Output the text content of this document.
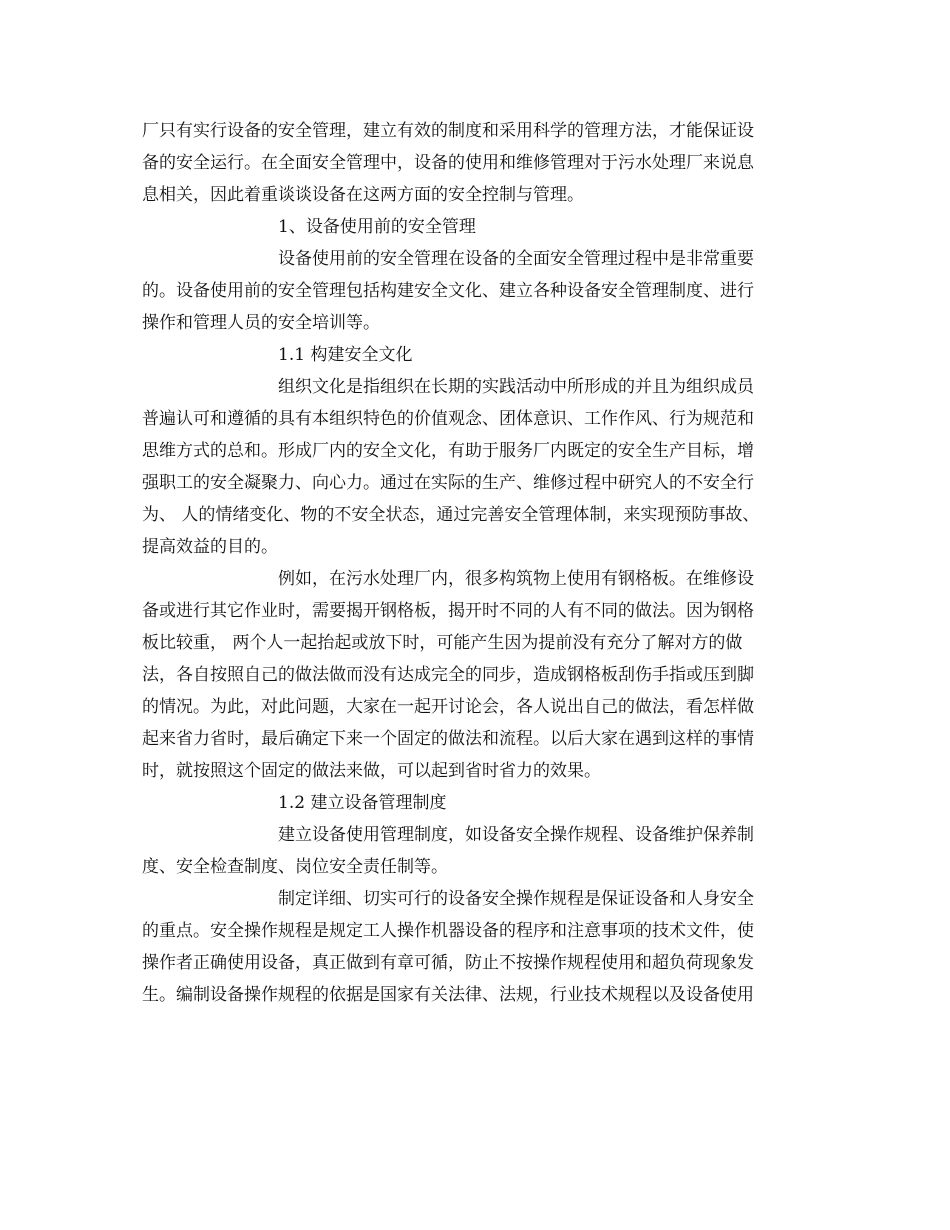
厂只有实行设备的安全管理，建立有效的制度和采用科学的管理方法，才能保证设
备的安全运行。在全面安全管理中，设备的使用和维修管理对于污水处理厂来说息
息相关，因此着重谈谈设备在这两方面的安全控制与管理。
1、设备使用前的安全管理
设备使用前的安全管理在设备的全面安全管理过程中是非常重要
的。设备使用前的安全管理包括构建安全文化、建立各种设备安全管理制度、进行
操作和管理人员的安全培训等。
1.1 构建安全文化
组织文化是指组织在长期的实践活动中所形成的并且为组织成员
普遍认可和遵循的具有本组织特色的价值观念、团体意识、工作作风、行为规范和
思维方式的总和。形成厂内的安全文化，有助于服务厂内既定的安全生产目标，增
强职工的安全凝聚力、向心力。通过在实际的生产、维修过程中研究人的不安全行
为、 人的情绪变化、物的不安全状态，通过完善安全管理体制，来实现预防事故、
提高效益的目的。
例如，在污水处理厂内，很多构筑物上使用有钢格板。在维修设
备或进行其它作业时，需要揭开钢格板，揭开时不同的人有不同的做法。因为钢格
板比较重， 两个人一起抬起或放下时，可能产生因为提前没有充分了解对方的做
法，各自按照自己的做法做而没有达成完全的同步，造成钢格板刮伤手指或压到脚
的情况。为此，对此问题，大家在一起开讨论会，各人说出自己的做法，看怎样做
起来省力省时，最后确定下来一个固定的做法和流程。以后大家在遇到这样的事情
时，就按照这个固定的做法来做，可以起到省时省力的效果。
1.2 建立设备管理制度
建立设备使用管理制度，如设备安全操作规程、设备维护保养制
度、安全检查制度、岗位安全责任制等。
制定详细、切实可行的设备安全操作规程是保证设备和人身安全
的重点。安全操作规程是规定工人操作机器设备的程序和注意事项的技术文件，使
操作者正确使用设备，真正做到有章可循，防止不按操作规程使用和超负荷现象发
生。编制设备操作规程的依据是国家有关法律、法规，行业技术规程以及设备使用
